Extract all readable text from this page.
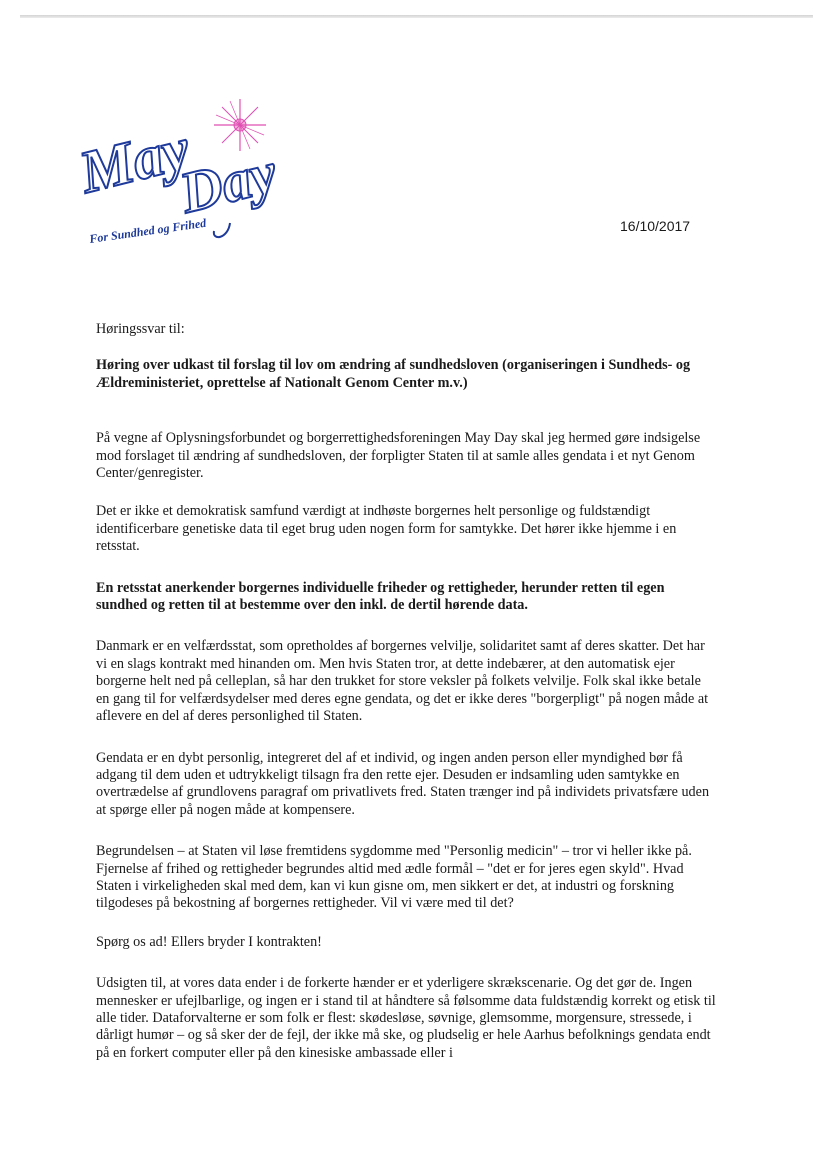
May
Day
For Sundhed og Frihed	16/10/2017

Høringssvar til:

Høring over udkast til forslag til lov om ændring af sundhedsloven (organiseringen i Sundheds- og Ældreministeriet, oprettelse af Nationalt Genom Center m.v.)

På vegne af Oplysningsforbundet og borgerrettighedsforeningen May Day skal jeg hermed gøre indsigelse mod forslaget til ændring af sundhedsloven, der forpligter Staten til at samle alles gendata i et nyt Genom Center/genregister.

Det er ikke et demokratisk samfund værdigt at indhøste borgernes helt personlige og fuldstændigt identificerbare genetiske data til eget brug uden nogen form for samtykke. Det hører ikke hjemme i en retsstat.

En retsstat anerkender borgernes individuelle friheder og rettigheder, herunder retten til egen sundhed og retten til at bestemme over den inkl. de dertil hørende data.

Danmark er en velfærdsstat, som opretholdes af borgernes velvilje, solidaritet samt af deres skatter. Det har vi en slags kontrakt med hinanden om. Men hvis Staten tror, at dette indebærer, at den automatisk ejer borgerne helt ned på celleplan, så har den trukket for store veksler på folkets velvilje. Folk skal ikke betale en gang til for velfærdsydelser med deres egne gendata, og det er ikke deres "borgerpligt" på nogen måde at aflevere en del af deres personlighed til Staten.

Gendata er en dybt personlig, integreret del af et individ, og ingen anden person eller myndighed bør få adgang til dem uden et udtrykkeligt tilsagn fra den rette ejer. Desuden er indsamling uden samtykke en overtrædelse af grundlovens paragraf om privatlivets fred. Staten trænger ind på individets privatsfære uden at spørge eller på nogen måde at kompensere.

Begrundelsen – at Staten vil løse fremtidens sygdomme med "Personlig medicin" – tror vi heller ikke på. Fjernelse af frihed og rettigheder begrundes altid med ædle formål – "det er for jeres egen skyld". Hvad Staten i virkeligheden skal med dem, kan vi kun gisne om, men sikkert er det, at industri og forskning tilgodeses på bekostning af borgernes rettigheder. Vil vi være med til det?

Spørg os ad! Ellers bryder I kontrakten!

Udsigten til, at vores data ender i de forkerte hænder er et yderligere skrækscenarie. Og det gør de. Ingen mennesker er ufejlbarlige, og ingen er i stand til at håndtere så følsomme data fuldstændig korrekt og etisk til alle tider. Dataforvalterne er som folk er flest: skødesløse, søvnige, glemsomme, morgensure, stressede, i dårligt humør – og så sker der de fejl, der ikke må ske, og pludselig er hele Aarhus befolknings gendata endt på en forkert computer eller på den kinesiske ambassade eller i
